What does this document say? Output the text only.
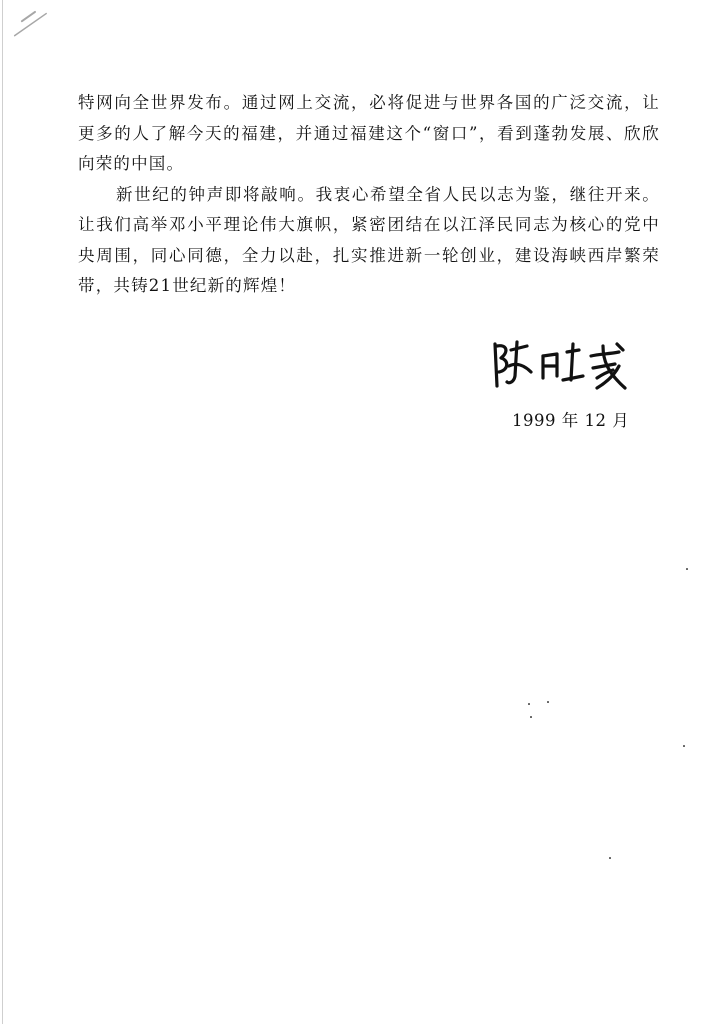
特网向全世界发布。通过网上交流，必将促进与世界各国的广泛交流，让更多的人了解今天的福建，并通过福建这个“窗口”，看到蓬勃发展、欣欣向荣的中国。

新世纪的钟声即将敲响。我衷心希望全省人民以志为鉴，继往开来。让我们高举邓小平理论伟大旗帜，紧密团结在以江泽民同志为核心的党中央周围，同心同德，全力以赴，扎实推进新一轮创业，建设海峡西岸繁荣带，共铸21世纪新的辉煌！

1999 年 12 月
